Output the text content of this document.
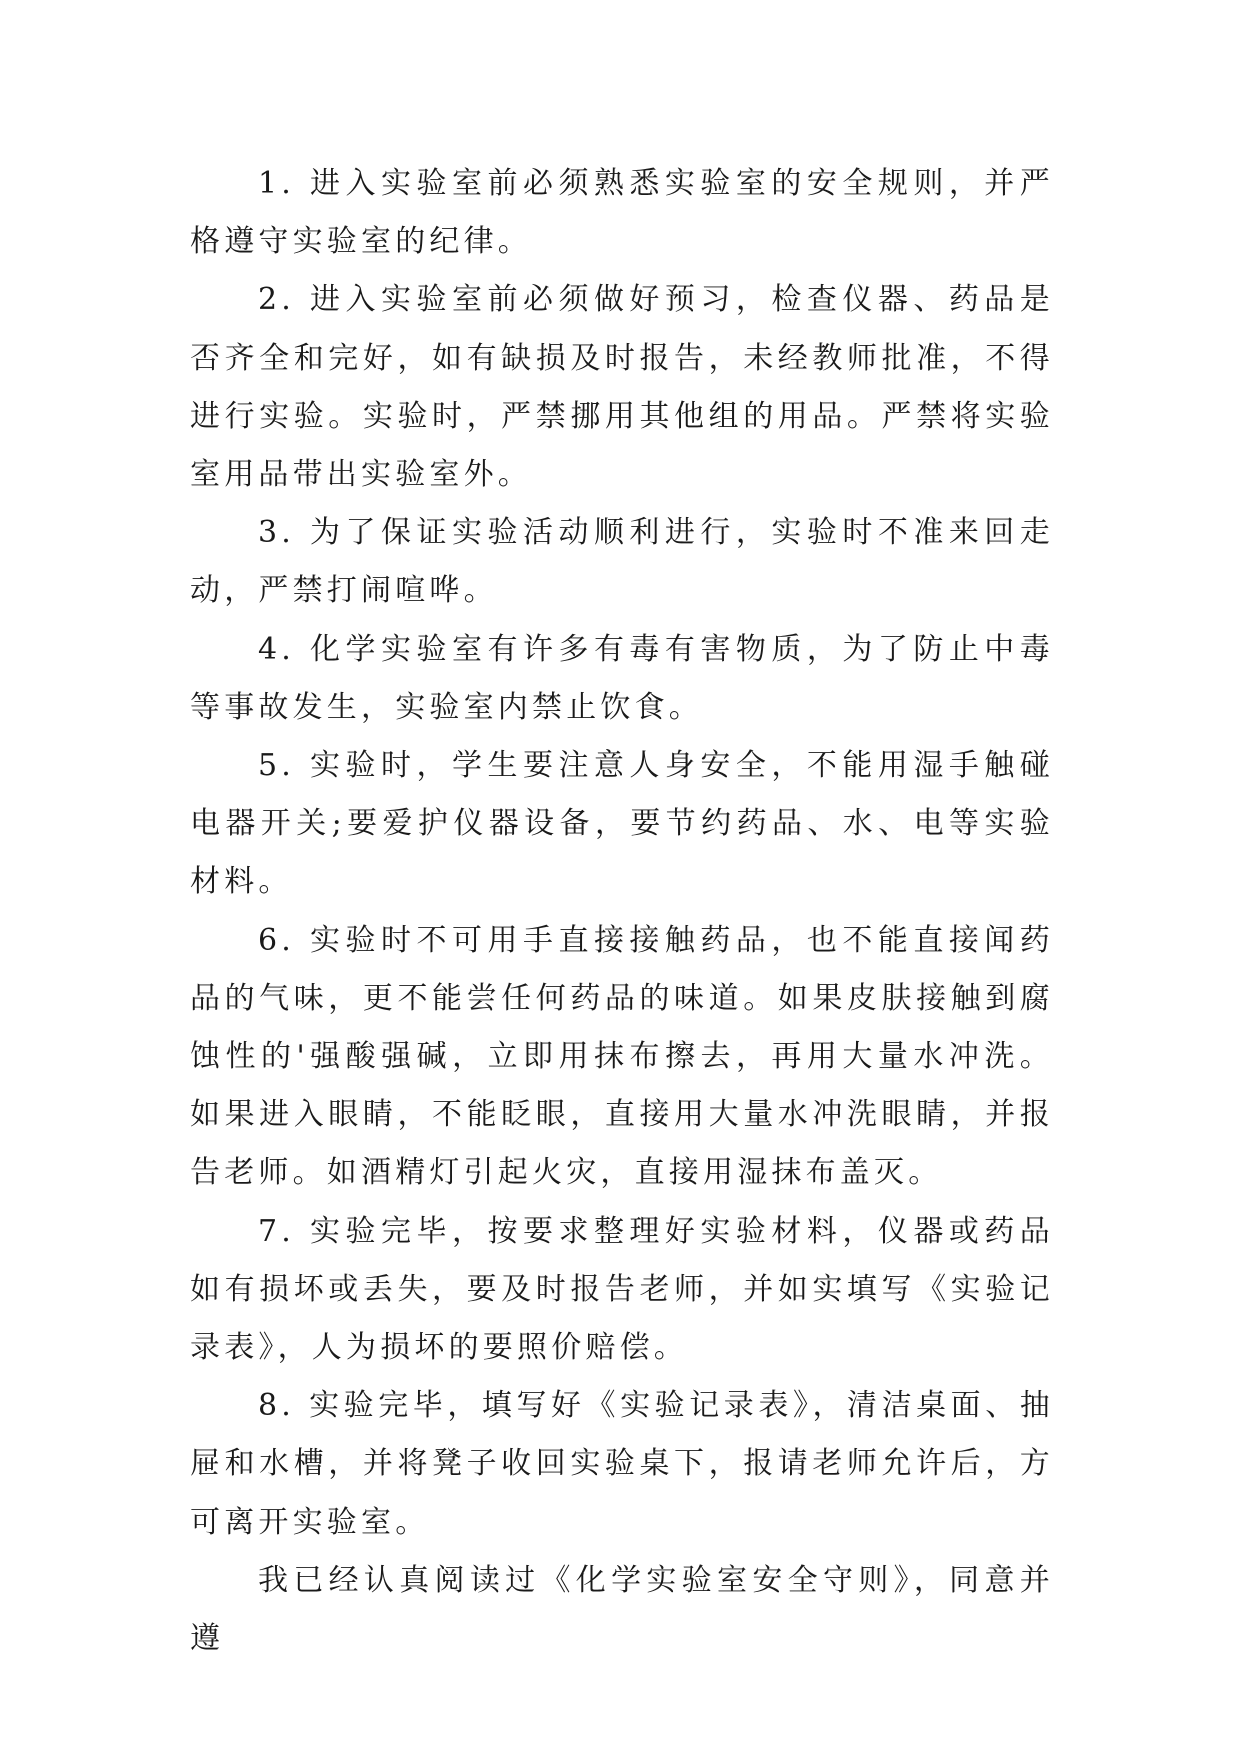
1. 进入实验室前必须熟悉实验室的安全规则，并严格遵守实验室的纪律。

2. 进入实验室前必须做好预习，检查仪器、药品是否齐全和完好，如有缺损及时报告，未经教师批准，不得进行实验。实验时，严禁挪用其他组的用品。严禁将实验室用品带出实验室外。

3. 为了保证实验活动顺利进行，实验时不准来回走动，严禁打闹喧哗。

4. 化学实验室有许多有毒有害物质，为了防止中毒等事故发生，实验室内禁止饮食。

5. 实验时，学生要注意人身安全，不能用湿手触碰电器开关;要爱护仪器设备，要节约药品、水、电等实验材料。

6. 实验时不可用手直接接触药品，也不能直接闻药品的气味，更不能尝任何药品的味道。如果皮肤接触到腐蚀性的'强酸强碱，立即用抹布擦去，再用大量水冲洗。如果进入眼睛，不能眨眼，直接用大量水冲洗眼睛，并报告老师。如酒精灯引起火灾，直接用湿抹布盖灭。

7. 实验完毕，按要求整理好实验材料，仪器或药品如有损坏或丢失，要及时报告老师，并如实填写《实验记录表》，人为损坏的要照价赔偿。

8. 实验完毕，填写好《实验记录表》，清洁桌面、抽屉和水槽，并将凳子收回实验桌下，报请老师允许后，方可离开实验室。

我已经认真阅读过《化学实验室安全守则》，同意并遵
